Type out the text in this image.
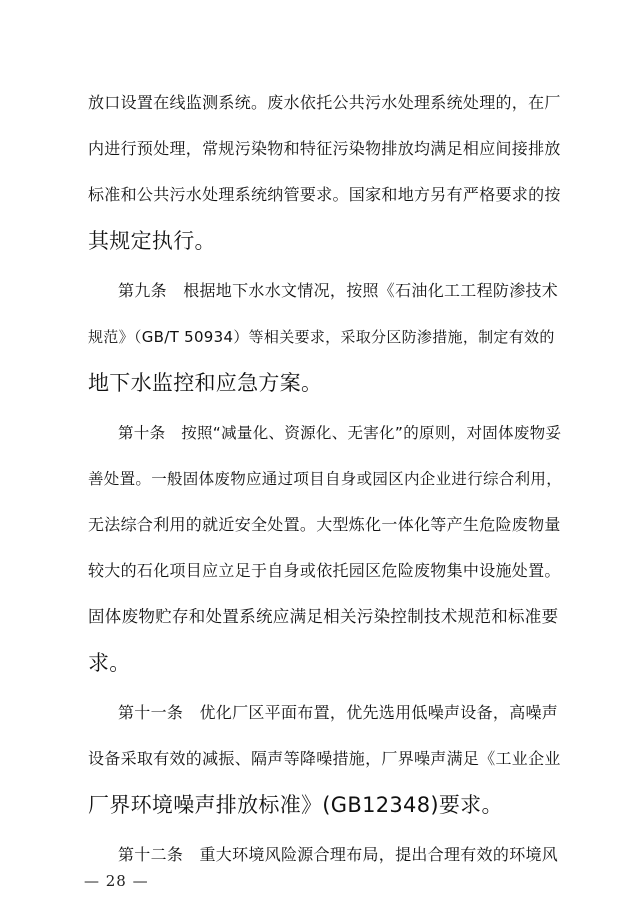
放口设置在线监测系统。废水依托公共污水处理系统处理的，在厂
内进行预处理，常规污染物和特征污染物排放均满足相应间接排放
标准和公共污水处理系统纳管要求。国家和地方另有严格要求的按
其规定执行。
第九条　根据地下水水文情况，按照《石油化工工程防渗技术
规范》（GB/T 50934）等相关要求，采取分区防渗措施，制定有效的
地下水监控和应急方案。
第十条　按照“减量化、资源化、无害化”的原则，对固体废物妥
善处置。一般固体废物应通过项目自身或园区内企业进行综合利用，
无法综合利用的就近安全处置。大型炼化一体化等产生危险废物量
较大的石化项目应立足于自身或依托园区危险废物集中设施处置。
固体废物贮存和处置系统应满足相关污染控制技术规范和标准要
求。
第十一条　优化厂区平面布置，优先选用低噪声设备，高噪声
设备采取有效的减振、隔声等降噪措施，厂界噪声满足《工业企业
厂界环境噪声排放标准》(GB12348)要求。
第十二条　重大环境风险源合理布局，提出合理有效的环境风
— 28 —
